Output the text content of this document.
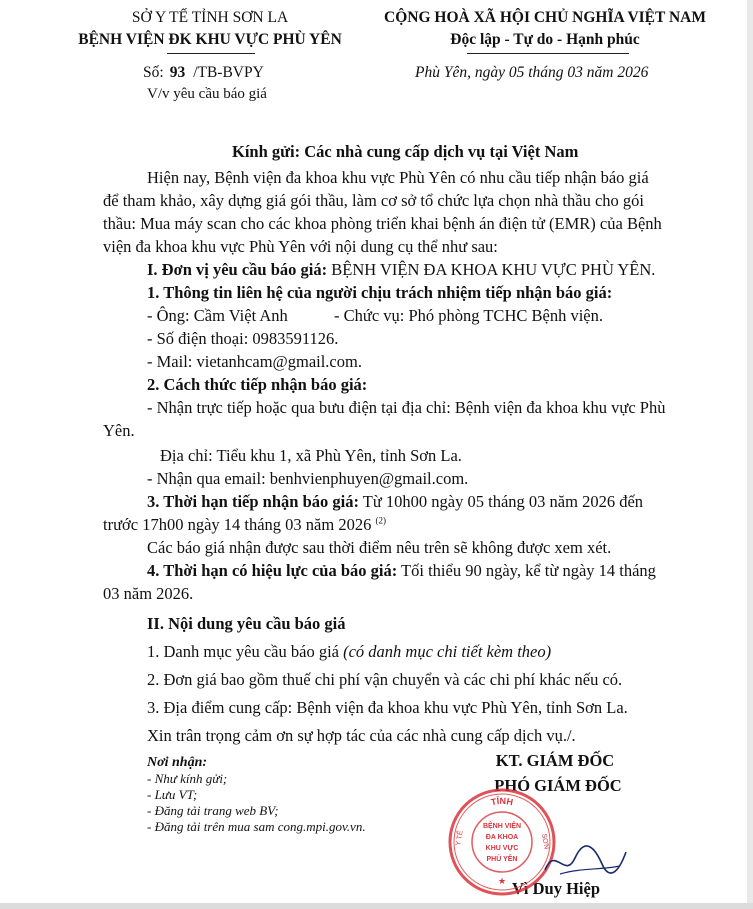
SỞ Y TẾ TỈNH SƠN LA
BỆNH VIỆN ĐK KHU VỰC PHÙ YÊN
CỘNG HOÀ XÃ HỘI CHỦ NGHĨA VIỆT NAM
Độc lập - Tự do - Hạnh phúc
Số: 93 /TB-BVPY
V/v yêu cầu báo giá
Phù Yên, ngày 05 tháng 03 năm 2026
Kính gửi: Các nhà cung cấp dịch vụ tại Việt Nam
Hiện nay, Bệnh viện đa khoa khu vực Phù Yên có nhu cầu tiếp nhận báo giá
để tham khảo, xây dựng giá gói thầu, làm cơ sở tổ chức lựa chọn nhà thầu cho gói
thầu: Mua máy scan cho các khoa phòng triển khai bệnh án điện tử (EMR) của Bệnh
viện đa khoa khu vực Phù Yên với nội dung cụ thể như sau:
I. Đơn vị yêu cầu báo giá: BỆNH VIỆN ĐA KHOA KHU VỰC PHÙ YÊN.
1. Thông tin liên hệ của người chịu trách nhiệm tiếp nhận báo giá:
- Ông: Cầm Việt Anh	- Chức vụ: Phó phòng TCHC Bệnh viện.
- Số điện thoại: 0983591126.
- Mail: vietanhcam@gmail.com.
2. Cách thức tiếp nhận báo giá:
- Nhận trực tiếp hoặc qua bưu điện tại địa chỉ: Bệnh viện đa khoa khu vực Phù
Yên.
Địa chỉ: Tiểu khu 1, xã Phù Yên, tỉnh Sơn La.
- Nhận qua email: benhvienphuyen@gmail.com.
3. Thời hạn tiếp nhận báo giá: Từ 10h00 ngày 05 tháng 03 năm 2026 đến
trước 17h00 ngày 14 tháng 03 năm 2026 $^{(2)}$
Các báo giá nhận được sau thời điểm nêu trên sẽ không được xem xét.
4. Thời hạn có hiệu lực của báo giá: Tối thiểu 90 ngày, kể từ ngày 14 tháng
03 năm 2026.
II. Nội dung yêu cầu báo giá
1. Danh mục yêu cầu báo giá (có danh mục chi tiết kèm theo)
2. Đơn giá bao gồm thuế chi phí vận chuyển và các chi phí khác nếu có.
3. Địa điểm cung cấp: Bệnh viện đa khoa khu vực Phù Yên, tỉnh Sơn La.
Xin trân trọng cảm ơn sự hợp tác của các nhà cung cấp dịch vụ./.
Nơi nhận:
- Như kính gửi;
- Lưu VT;
- Đăng tải trang web BV;
- Đăng tải trên mua sam cong.mpi.gov.vn.
KT. GIÁM ĐỐC
PHÓ GIÁM ĐỐC
Vì Duy Hiệp
TỈNH
BỆNH VIỆN
ĐA KHOA
KHU VỰC
PHÙ YÊN
Y TẾ	SƠN
★
